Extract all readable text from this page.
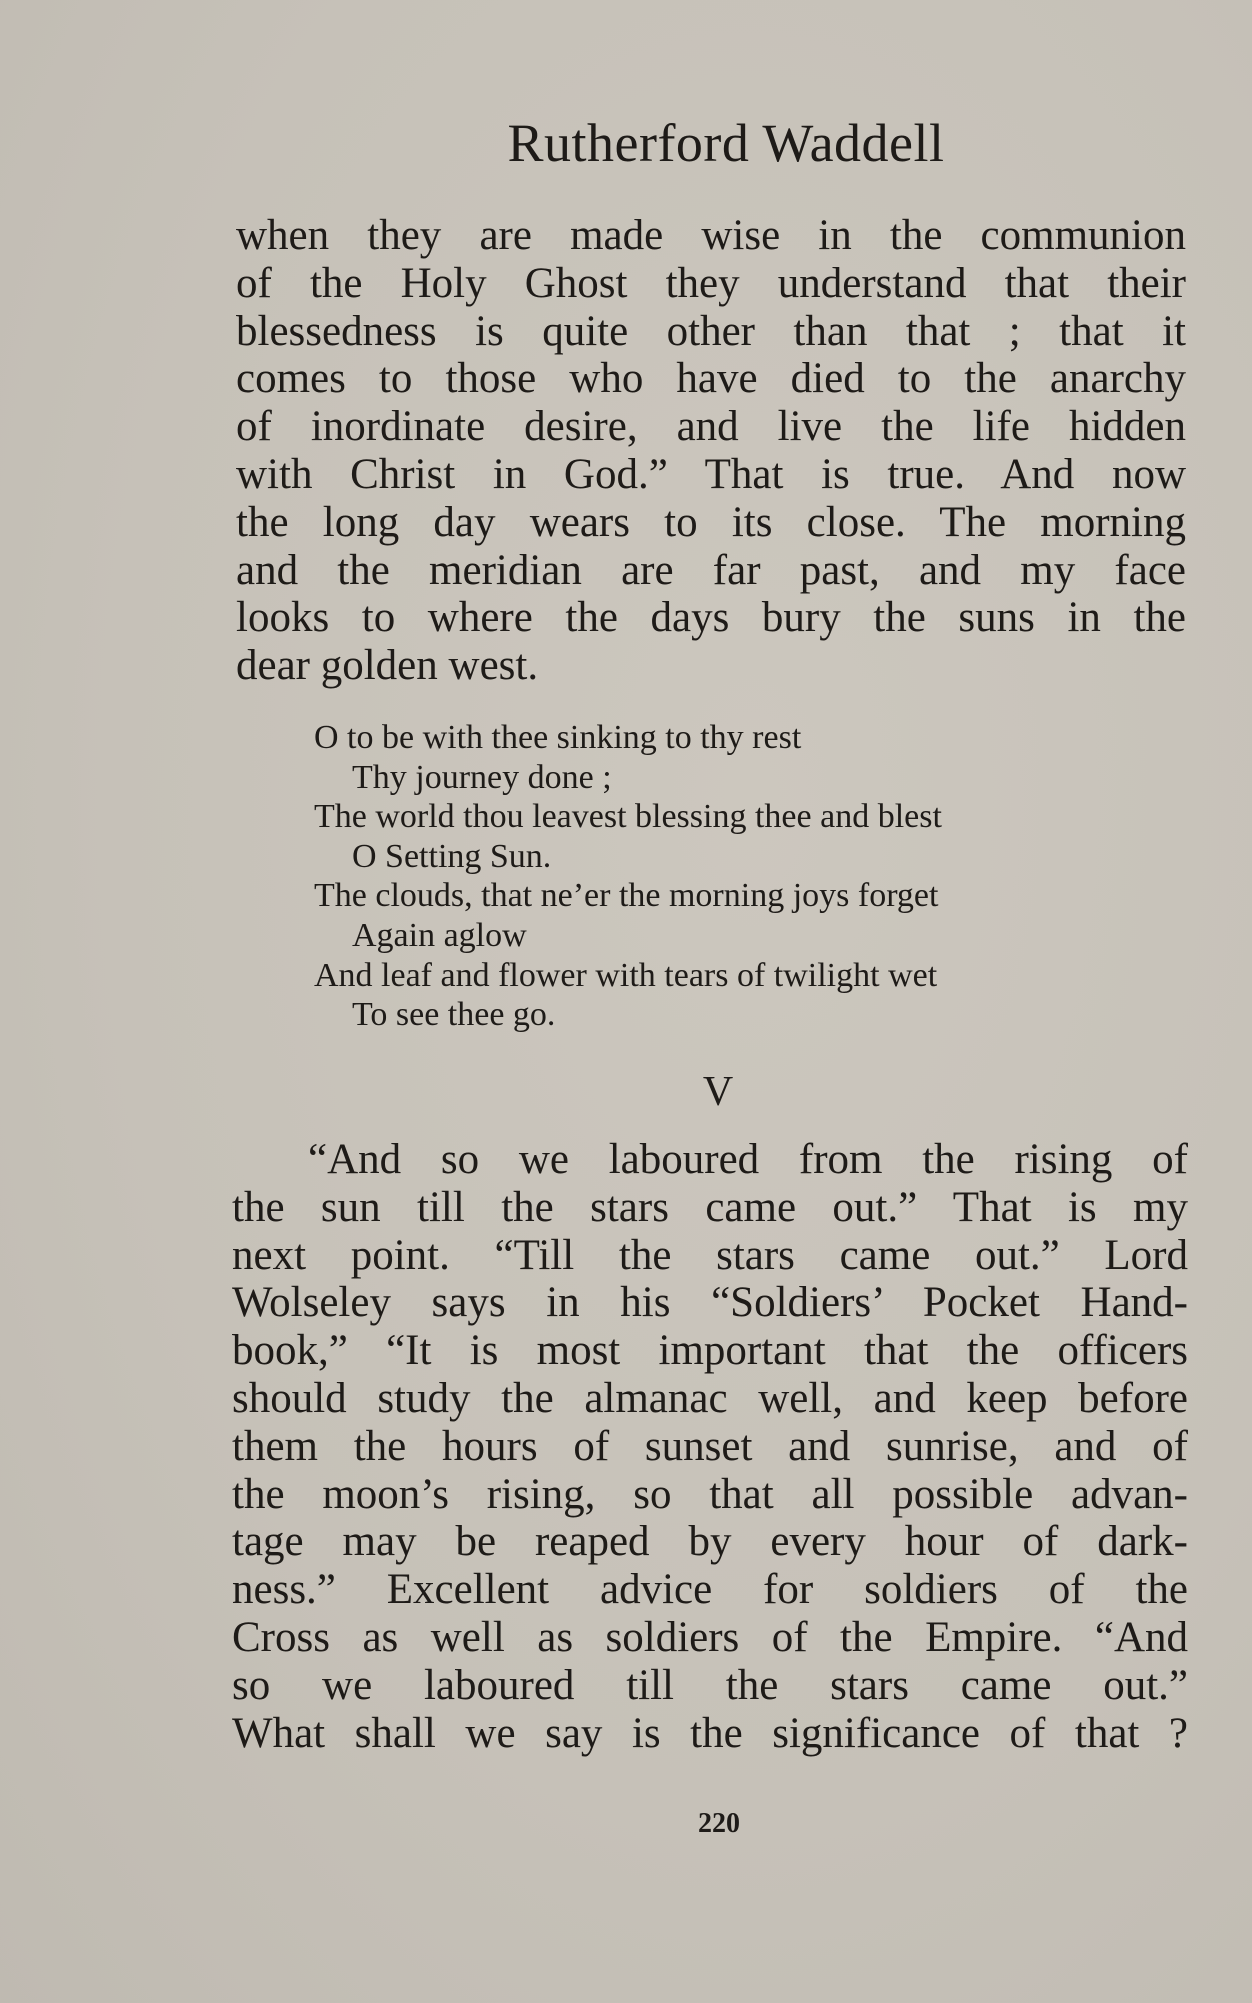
Rutherford Waddell
when they are made wise in the communion
of the Holy Ghost they understand that their
blessedness is quite other than that ; that it
comes to those who have died to the anarchy
of inordinate desire, and live the life hidden
with Christ in God.” That is true. And now
the long day wears to its close. The morning
and the meridian are far past, and my face
looks to where the days bury the suns in the
dear golden west.
O to be with thee sinking to thy rest
Thy journey done ;
The world thou leavest blessing thee and blest
O Setting Sun.
The clouds, that ne’er the morning joys forget
Again aglow
And leaf and flower with tears of twilight wet
To see thee go.
V
“And so we laboured from the rising of
the sun till the stars came out.” That is my
next point. “Till the stars came out.” Lord
Wolseley says in his “Soldiers’ Pocket Hand-
book,” “It is most important that the officers
should study the almanac well, and keep before
them the hours of sunset and sunrise, and of
the moon’s rising, so that all possible advan-
tage may be reaped by every hour of dark-
ness.” Excellent advice for soldiers of the
Cross as well as soldiers of the Empire. “And
so we laboured till the stars came out.”
What shall we say is the significance of that ?
220
